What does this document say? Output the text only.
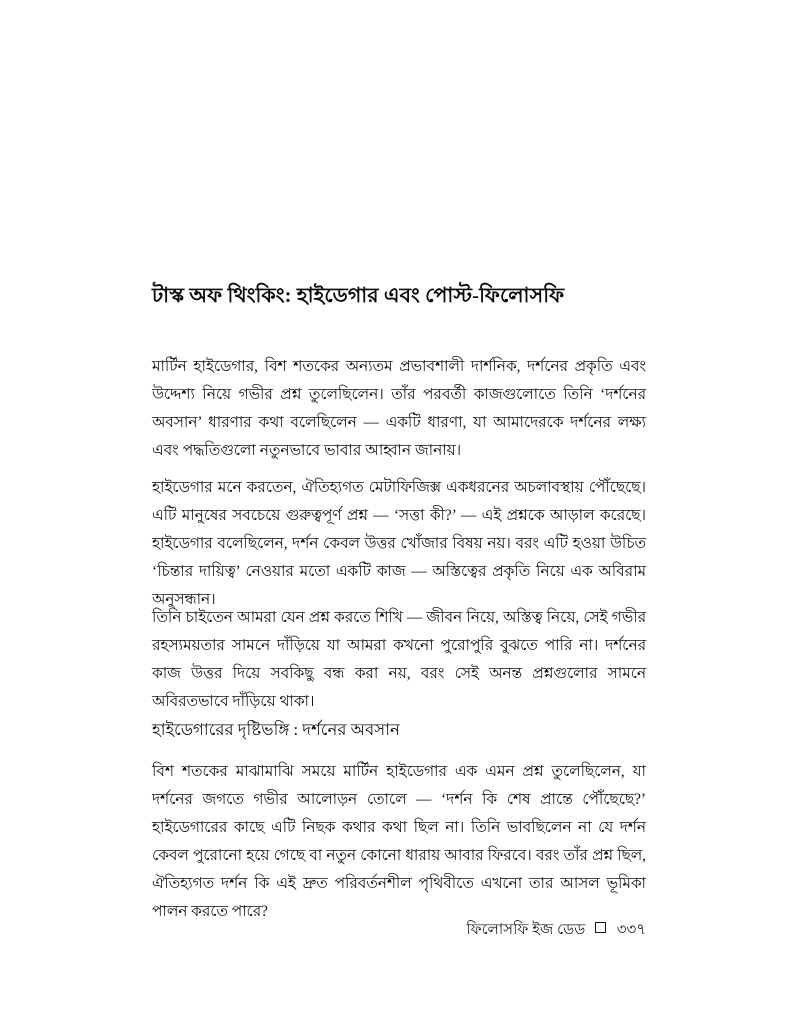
টাস্ক অফ থিংকিং: হাইডেগার এবং পোস্ট-ফিলোসফি

মার্টিন হাইডেগার, বিশ শতকের অন্যতম প্রভাবশালী দার্শনিক, দর্শনের প্রকৃতি এবং উদ্দেশ্য নিয়ে গভীর প্রশ্ন তুলেছিলেন। তাঁর পরবর্তী কাজগুলোতে তিনি ‘দর্শনের অবসান’ ধারণার কথা বলেছিলেন — একটি ধারণা, যা আমাদেরকে দর্শনের লক্ষ্য এবং পদ্ধতিগুলো নতুনভাবে ভাবার আহ্বান জানায়।

হাইডেগার মনে করতেন, ঐতিহ্যগত মেটাফিজিক্স একধরনের অচলাবস্থায় পৌঁছেছে। এটি মানুষের সবচেয়ে গুরুত্বপূর্ণ প্রশ্ন — ‘সত্তা কী?’ — এই প্রশ্নকে আড়াল করেছে। হাইডেগার বলেছিলেন, দর্শন কেবল উত্তর খোঁজার বিষয় নয়। বরং এটি হওয়া উচিত ‘চিন্তার দায়িত্ব’ নেওয়ার মতো একটি কাজ — অস্তিত্বের প্রকৃতি নিয়ে এক অবিরাম অনুসন্ধান।

তিনি চাইতেন আমরা যেন প্রশ্ন করতে শিখি — জীবন নিয়ে, অস্তিত্ব নিয়ে, সেই গভীর রহস্যময়তার সামনে দাঁড়িয়ে যা আমরা কখনো পুরোপুরি বুঝতে পারি না। দর্শনের কাজ উত্তর দিয়ে সবকিছু বন্ধ করা নয়, বরং সেই অনন্ত প্রশ্নগুলোর সামনে অবিরতভাবে দাঁড়িয়ে থাকা।

হাইডেগারের দৃষ্টিভঙ্গি : দর্শনের অবসান

বিশ শতকের মাঝামাঝি সময়ে মার্টিন হাইডেগার এক এমন প্রশ্ন তুলেছিলেন, যা দর্শনের জগতে গভীর আলোড়ন তোলে — ‘দর্শন কি শেষ প্রান্তে পৌঁছেছে?’ হাইডেগারের কাছে এটি নিছক কথার কথা ছিল না। তিনি ভাবছিলেন না যে দর্শন কেবল পুরোনো হয়ে গেছে বা নতুন কোনো ধারায় আবার ফিরবে। বরং তাঁর প্রশ্ন ছিল, ঐতিহ্যগত দর্শন কি এই দ্রুত পরিবর্তনশীল পৃথিবীতে এখনো তার আসল ভূমিকা পালন করতে পারে?

ফিলোসফি ইজ ডেড ৩৩৭
